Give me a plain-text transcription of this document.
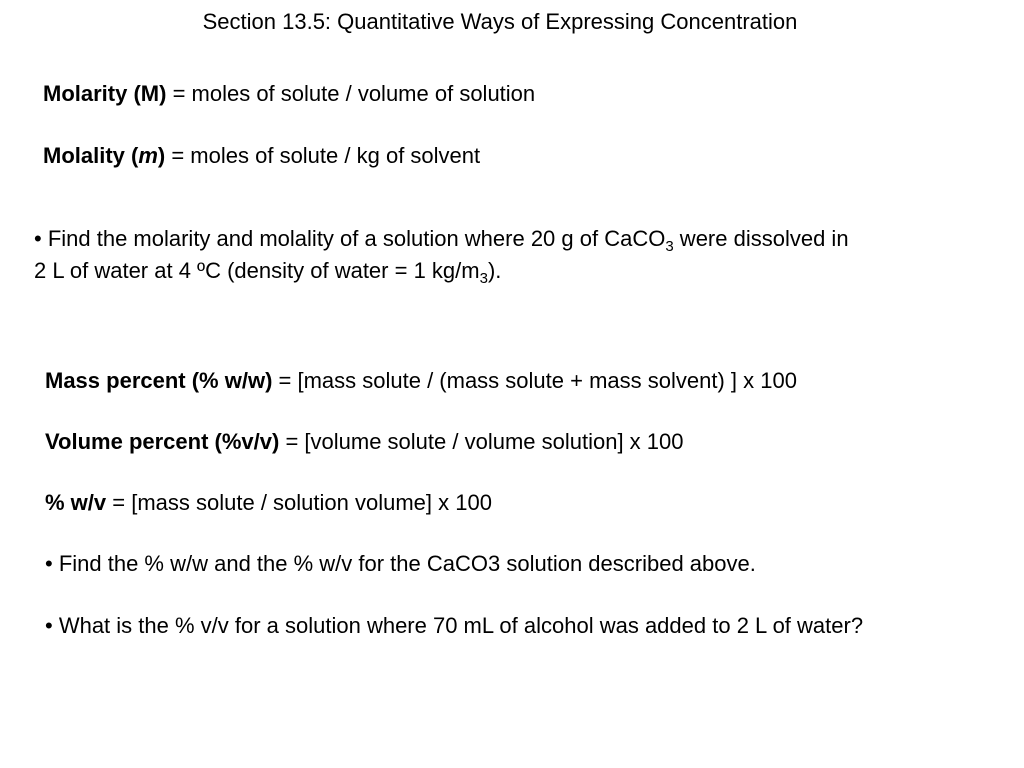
Section 13.5: Quantitative Ways of Expressing Concentration
Molarity (M) = moles of solute / volume of solution
Molality (m) = moles of solute / kg of solvent
• Find the molarity and molality of a solution where 20 g of CaCO$_3$ were dissolved in
2 L of water at 4 ºC (density of water = 1 $kg/m_3$).
Mass percent (% w/w) = [mass solute / (mass solute + mass solvent) ] x 100
Volume percent (%v/v) = [volume solute / volume solution] x 100
% w/v = [mass solute / solution volume] x 100
• Find the % w/w and the % w/v for the CaCO3 solution described above.
• What is the % v/v for a solution where 70 mL of alcohol was added to 2 L of water?
